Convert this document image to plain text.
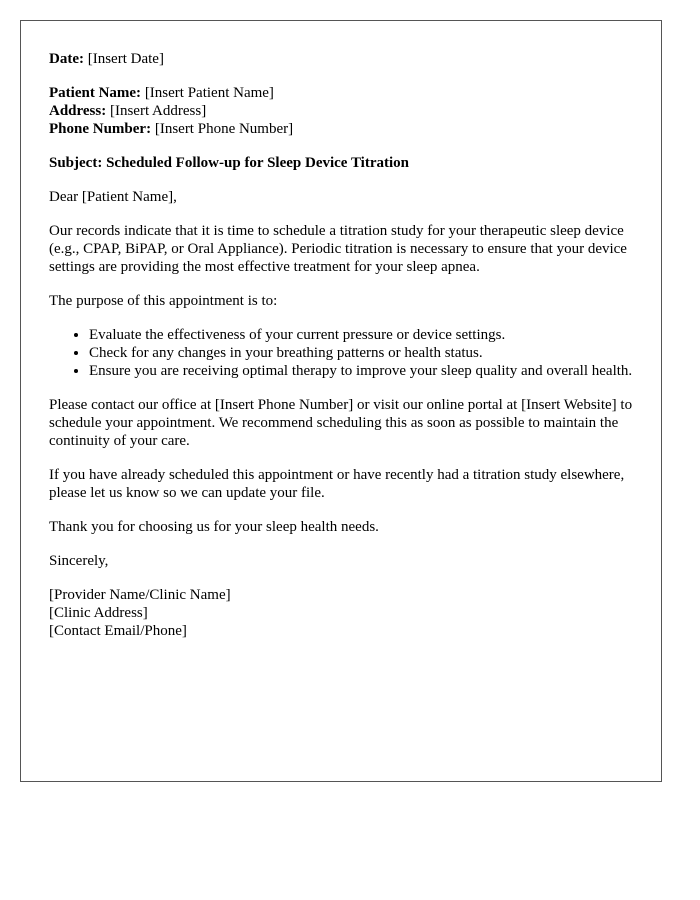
Date: [Insert Date]
Patient Name: [Insert Patient Name]
Address: [Insert Address]
Phone Number: [Insert Phone Number]
Subject: Scheduled Follow-up for Sleep Device Titration
Dear [Patient Name],
Our records indicate that it is time to schedule a titration study for your therapeutic sleep device (e.g., CPAP, BiPAP, or Oral Appliance). Periodic titration is necessary to ensure that your device settings are providing the most effective treatment for your sleep apnea.
The purpose of this appointment is to:
• Evaluate the effectiveness of your current pressure or device settings.
• Check for any changes in your breathing patterns or health status.
• Ensure you are receiving optimal therapy to improve your sleep quality and overall health.
Please contact our office at [Insert Phone Number] or visit our online portal at [Insert Website] to schedule your appointment. We recommend scheduling this as soon as possible to maintain the continuity of your care.
If you have already scheduled this appointment or have recently had a titration study elsewhere, please let us know so we can update your file.
Thank you for choosing us for your sleep health needs.
Sincerely,
[Provider Name/Clinic Name]
[Clinic Address]
[Contact Email/Phone]
